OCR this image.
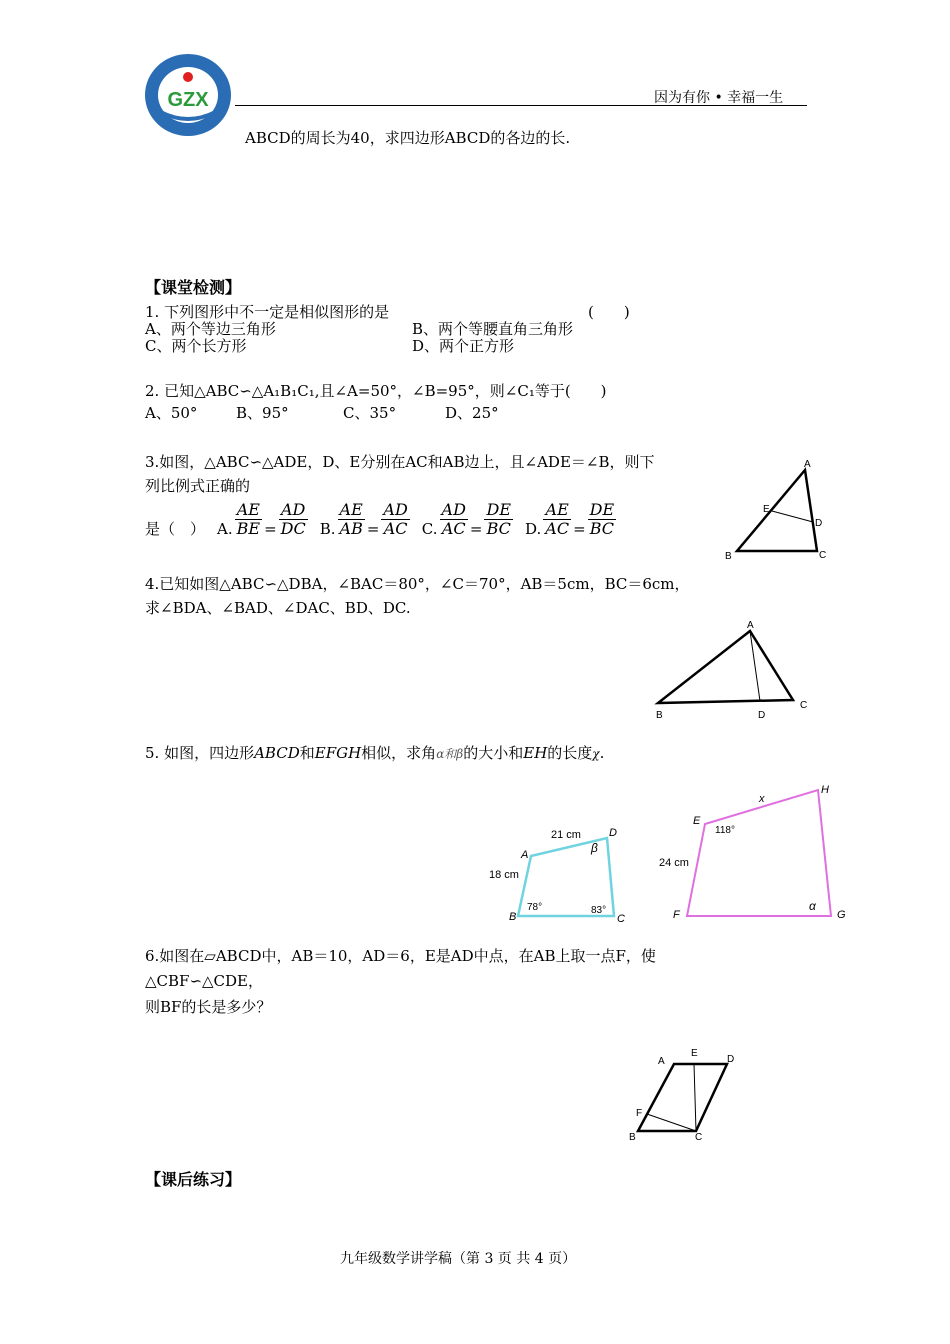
GZX	因为有你 • 幸福一生
ABCD的周长为40，求四边形ABCD的各边的长.
【课堂检测】
1. 下列图形中不一定是相似图形的是	(　　)
A、两个等边三角形	B、两个等腰直角三角形
C、两个长方形	D、两个正方形
2. 已知△ABC∽△A₁B₁C₁,且∠A=50°，∠B=95°，则∠C₁等于(　　)
A、50°	B、95°	C、35°	D、25°
3.如图，△ABC∽△ADE，D、E分别在AC和AB边上，且∠ADE＝∠B，则下
列比例式正确的
是（　） A. $\frac{AE}{BE} = \frac{AD}{DC} B$. $\frac{AE}{AB} = \frac{AD}{AC} C$. $\frac{AD}{AC} = \frac{DE}{BC} D$. $\frac{AE}{AC} = \frac{DE}{BC}$
A
B	C
D
E
4.已知如图△ABC∽△DBA，∠BAC＝80°，∠C＝70°，AB＝5cm，BC＝6cm，
求∠BDA、∠BAD、∠DAC、BD、DC.
A
B
C
D
5. 如图，四边形ABCD和EFGH相似，求角α和β的大小和EH的长度χ.
A
B	C
D
21 cm
18 cm
78°	83°
β
E
F	G
H
x
24 cm
118°
α
6.如图在▱ABCD中，AB＝10，AD＝6，E是AD中点，在AB上取一点F，使
△CBF∽△CDE，
则BF的长是多少？
A
B	C
D
E
F
【课后练习】
九年级数学讲学稿（第 3 页 共 4 页）
